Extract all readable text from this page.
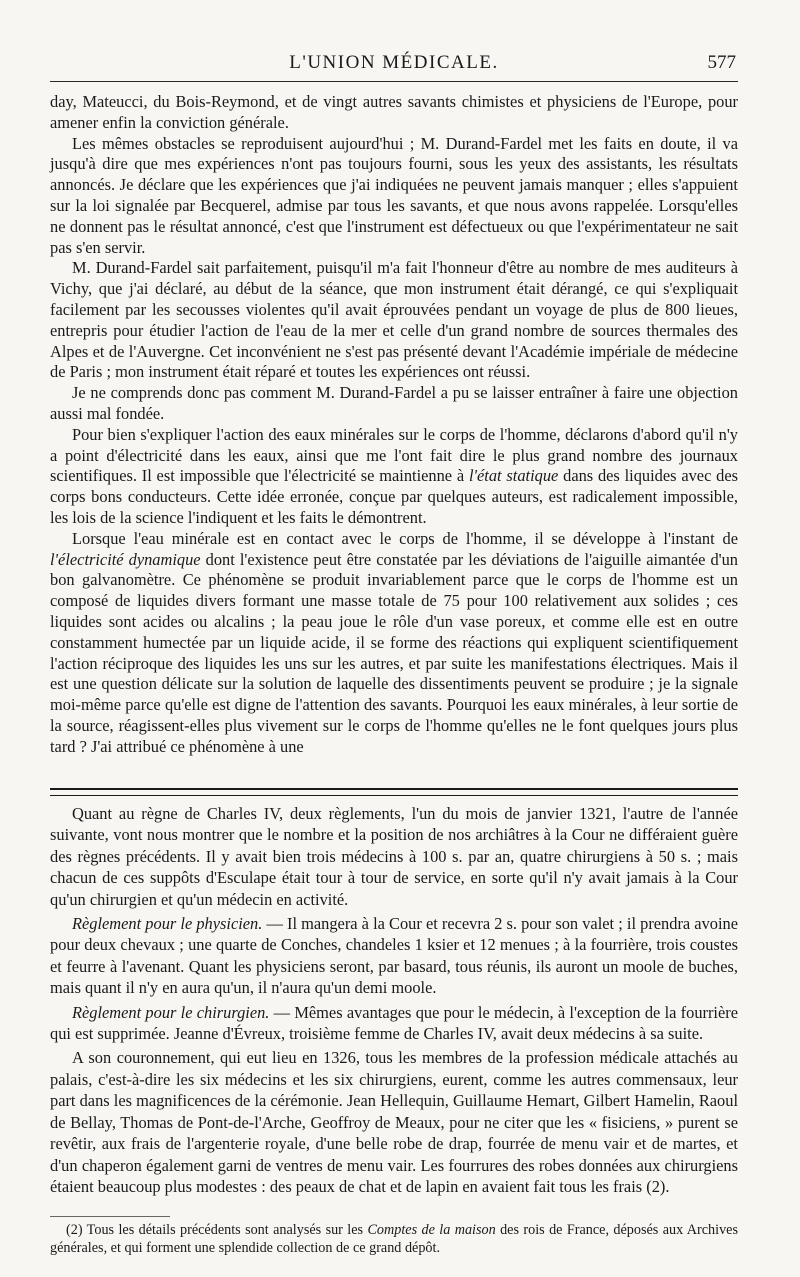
L'UNION MÉDICALE.	577

day, Mateucci, du Bois-Reymond, et de vingt autres savants chimistes et physiciens de l'Europe, pour amener enfin la conviction générale.

Les mêmes obstacles se reproduisent aujourd'hui ; M. Durand-Fardel met les faits en doute, il va jusqu'à dire que mes expériences n'ont pas toujours fourni, sous les yeux des assistants, les résultats annoncés. Je déclare que les expériences que j'ai indiquées ne peuvent jamais manquer ; elles s'appuient sur la loi signalée par Becquerel, admise par tous les savants, et que nous avons rappelée. Lorsqu'elles ne donnent pas le résultat annoncé, c'est que l'instrument est défectueux ou que l'expérimentateur ne sait pas s'en servir.

M. Durand-Fardel sait parfaitement, puisqu'il m'a fait l'honneur d'être au nombre de mes auditeurs à Vichy, que j'ai déclaré, au début de la séance, que mon instrument était dérangé, ce qui s'expliquait facilement par les secousses violentes qu'il avait éprouvées pendant un voyage de plus de 800 lieues, entrepris pour étudier l'action de l'eau de la mer et celle d'un grand nombre de sources thermales des Alpes et de l'Auvergne. Cet inconvénient ne s'est pas présenté devant l'Académie impériale de médecine de Paris ; mon instrument était réparé et toutes les expériences ont réussi.

Je ne comprends donc pas comment M. Durand-Fardel a pu se laisser entraîner à faire une objection aussi mal fondée.

Pour bien s'expliquer l'action des eaux minérales sur le corps de l'homme, déclarons d'abord qu'il n'y a point d'électricité dans les eaux, ainsi que me l'ont fait dire le plus grand nombre des journaux scientifiques. Il est impossible que l'électricité se maintienne à l'état statique dans des liquides avec des corps bons conducteurs. Cette idée erronée, conçue par quelques auteurs, est radicalement impossible, les lois de la science l'indiquent et les faits le démontrent.

Lorsque l'eau minérale est en contact avec le corps de l'homme, il se développe à l'instant de l'électricité dynamique dont l'existence peut être constatée par les déviations de l'aiguille aimantée d'un bon galvanomètre. Ce phénomène se produit invariablement parce que le corps de l'homme est un composé de liquides divers formant une masse totale de 75 pour 100 relativement aux solides ; ces liquides sont acides ou alcalins ; la peau joue le rôle d'un vase poreux, et comme elle est en outre constamment humectée par un liquide acide, il se forme des réactions qui expliquent scientifiquement l'action réciproque des liquides les uns sur les autres, et par suite les manifestations électriques. Mais il est une question délicate sur la solution de laquelle des dissentiments peuvent se produire ; je la signale moi-même parce qu'elle est digne de l'attention des savants. Pourquoi les eaux minérales, à leur sortie de la source, réagissent-elles plus vivement sur le corps de l'homme qu'elles ne le font quelques jours plus tard ? J'ai attribué ce phénomène à une

Quant au règne de Charles IV, deux règlements, l'un du mois de janvier 1321, l'autre de l'année suivante, vont nous montrer que le nombre et la position de nos archiâtres à la Cour ne différaient guère des règnes précédents. Il y avait bien trois médecins à 100 s. par an, quatre chirurgiens à 50 s. ; mais chacun de ces suppôts d'Esculape était tour à tour de service, en sorte qu'il n'y avait jamais à la Cour qu'un chirurgien et qu'un médecin en activité.

Règlement pour le physicien. — Il mangera à la Cour et recevra 2 s. pour son valet ; il prendra avoine pour deux chevaux ; une quarte de Conches, chandeles 1 ksier et 12 menues ; à la fourrière, trois coustes et feurre à l'avenant. Quant les physiciens seront, par basard, tous réunis, ils auront un moole de buches, mais quant il n'y en aura qu'un, il n'aura qu'un demi moole.

Règlement pour le chirurgien. — Mêmes avantages que pour le médecin, à l'exception de la fourrière qui est supprimée. Jeanne d'Évreux, troisième femme de Charles IV, avait deux médecins à sa suite.

A son couronnement, qui eut lieu en 1326, tous les membres de la profession médicale attachés au palais, c'est-à-dire les six médecins et les six chirurgiens, eurent, comme les autres commensaux, leur part dans les magnificences de la cérémonie. Jean Hellequin, Guillaume Hemart, Gilbert Hamelin, Raoul de Bellay, Thomas de Pont-de-l'Arche, Geoffroy de Meaux, pour ne citer que les « fisiciens, » purent se revêtir, aux frais de l'argenterie royale, d'une belle robe de drap, fourrée de menu vair et de martes, et d'un chaperon également garni de ventres de menu vair. Les fourrures des robes données aux chirurgiens étaient beaucoup plus modestes : des peaux de chat et de lapin en avaient fait tous les frais (2).

(2) Tous les détails précédents sont analysés sur les Comptes de la maison des rois de France, déposés aux Archives générales, et qui forment une splendide collection de ce grand dépôt.
